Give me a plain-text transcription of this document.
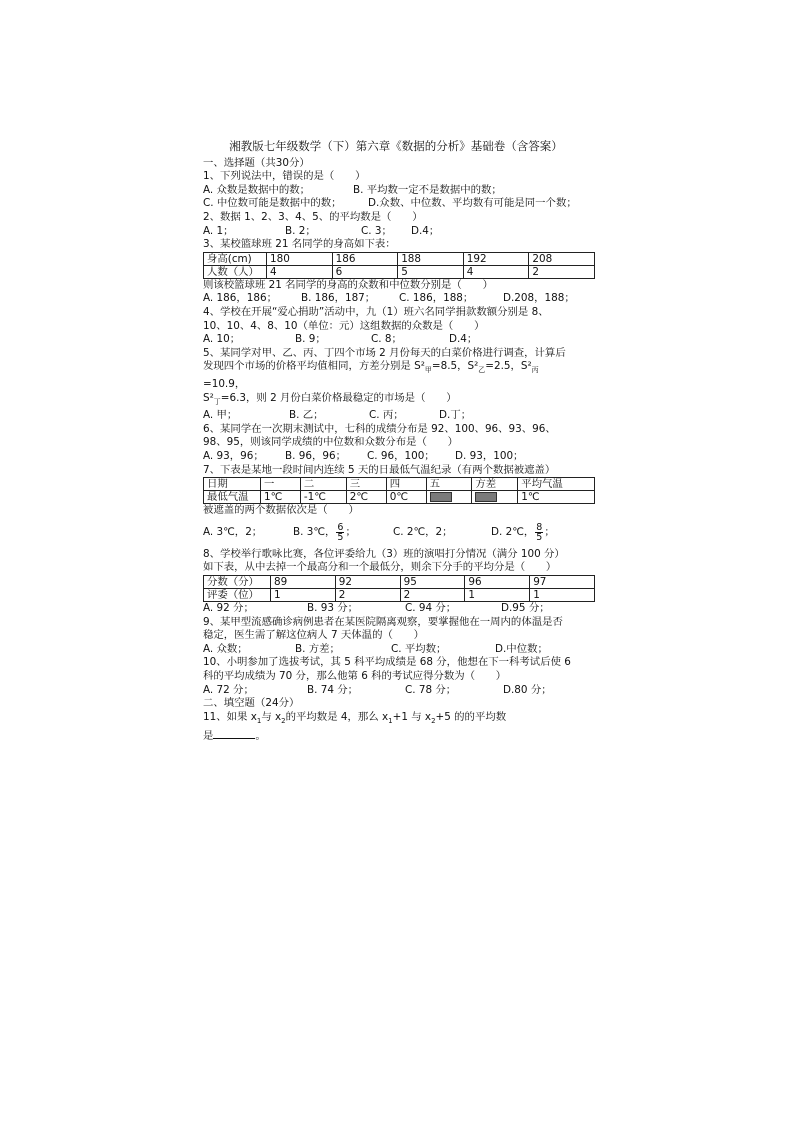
湘教版七年级数学（下）第六章《数据的分析》基础卷（含答案）
一、选择题（共30分）
1、下列说法中，错误的是（　　）
A. 众数是数据中的数；	B. 平均数一定不是数据中的数；
C. 中位数可能是数据中的数；	D.众数、中位数、平均数有可能是同一个数；
2、数据 1、2、3、4、5、的平均数是（　　）
A. 1；	B. 2；	C. 3；	D.4；
3、某校篮球班 21 名同学的身高如下表：
身高(cm)	180	186	188	192	208
人数（人）	4	6	5	4	2
则该校篮球班 21 名同学的身高的众数和中位数分别是（　　）
A. 186，186；	B. 186，187；	C. 186，188；	D.208，188；
4、学校在开展“爱心捐助”活动中，九（1）班六名同学捐款数额分别是 8、
10、10、4、8、10（单位：元）这组数据的众数是（　　）
A. 10；	B. 9；	C. 8；	D.4；
5、某同学对甲、乙、丙、丁四个市场 2 月份每天的白菜价格进行调查，计算后
发现四个市场的价格平均值相同，方差分别是 $S^2_甲=8.5$，$S^2_乙=2.5$，$S^2_丙$
=10.9，
$S^2_丁=6.3$，则 2 月份白菜价格最稳定的市场是（　　）
A. 甲；	B. 乙；	C. 丙；	D.丁；
6、某同学在一次期末测试中，七科的成绩分布是 92、100、96、93、96、
98、95，则该同学成绩的中位数和众数分布是（　　）
A. 93，96；	B. 96，96；	C. 96，100；	D. 93，100；
7、下表是某地一段时间内连续 5 天的日最低气温纪录（有两个数据被遮盖）
日期	一	二	三	四	五	方差	平均气温
最低气温	1℃	-1℃	2℃	0℃			1℃
被遮盖的两个数据依次是（　　）
A. 3℃，2；	B. 3℃， $\frac{6}{5}$ ；	C. 2℃，2；	D. 2℃， $\frac{8}{5}$ ；
8、学校举行歌咏比赛，各位评委给九（3）班的演唱打分情况（满分 100 分）
如下表，从中去掉一个最高分和一个最低分，则余下分手的平均分是（　　）
分数（分）	89	92	95	96	97
评委（位）	1	2	2	1	1
A. 92 分；	B. 93 分；	C. 94 分；	D.95 分；
9、某甲型流感确诊病例患者在某医院隔离观察，要掌握他在一周内的体温是否
稳定，医生需了解这位病人 7 天体温的（　　）
A. 众数；	B. 方差；	C. 平均数；	D.中位数；
10、小明参加了选拔考试，其 5 科平均成绩是 68 分，他想在下一科考试后使 6
科的平均成绩为 70 分，那么他第 6 科的考试应得分数为（　　）
A. 72 分；	B. 74 分；	C. 78 分；	D.80 分；
二、填空题（24分）
11、如果 $x_1$与 $x_2$的平均数是 4，那么 $x_1+1$ 与 $x_2+5$ 的的平均数
是	。
